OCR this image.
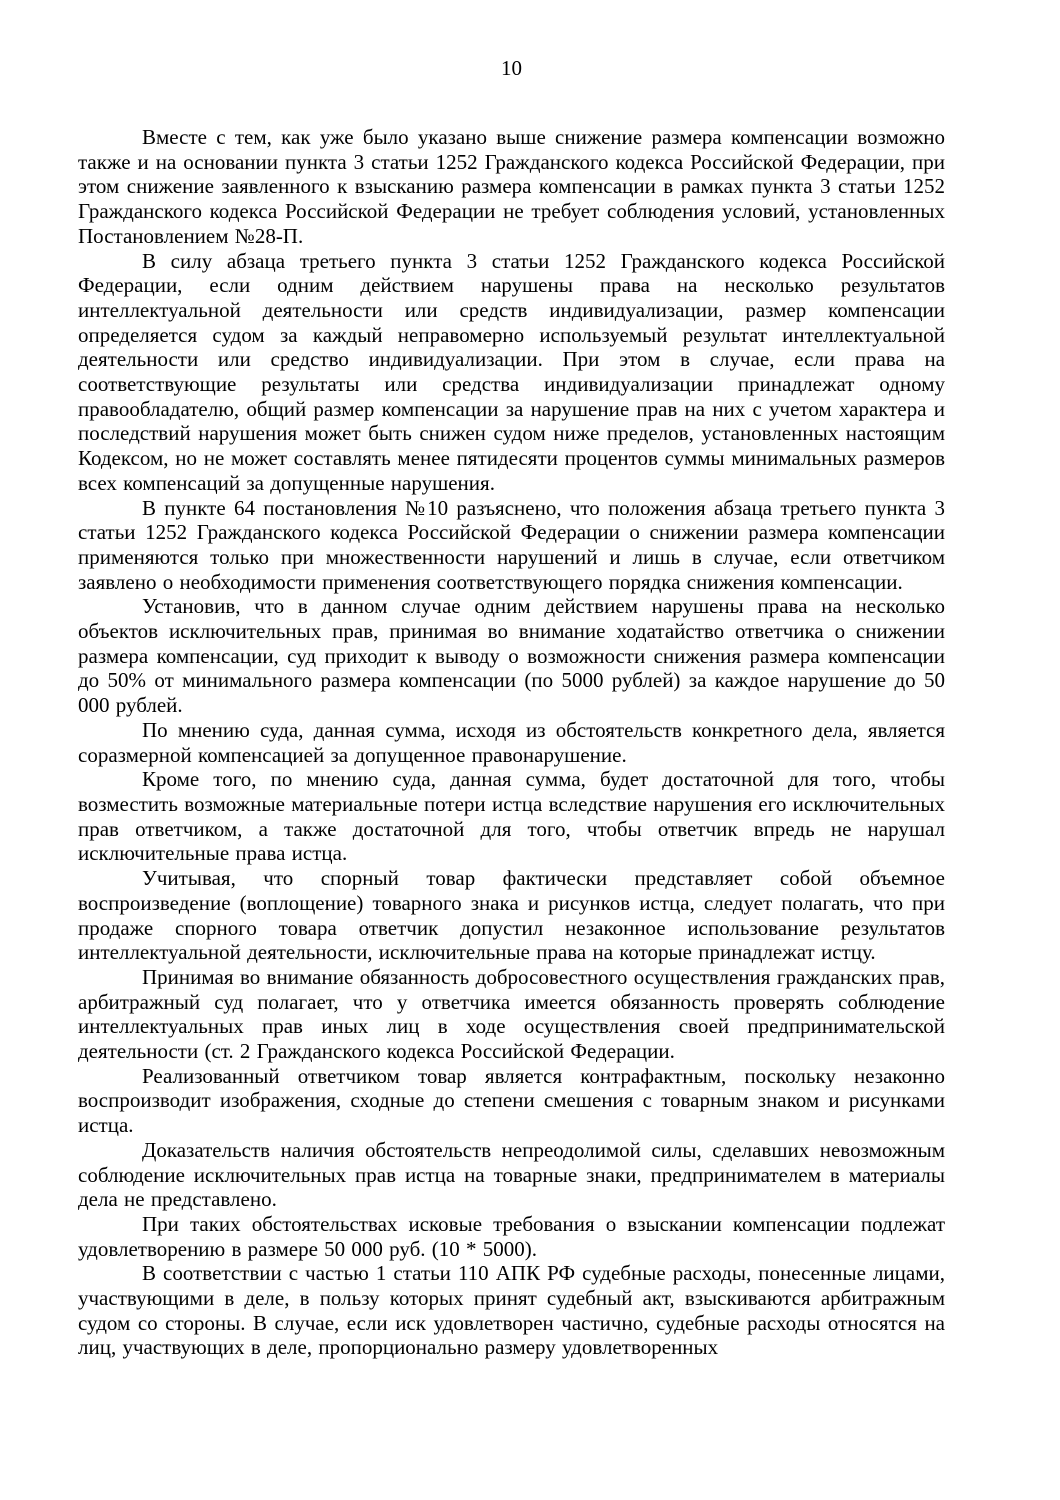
10

Вместе с тем, как уже было указано выше снижение размера компенсации возможно также и на основании пункта 3 статьи 1252 Гражданского кодекса Российской Федерации, при этом снижение заявленного к взысканию размера компенсации в рамках пункта 3 статьи 1252 Гражданского кодекса Российской Федерации не требует соблюдения условий, установленных Постановлением №28-П.

В силу абзаца третьего пункта 3 статьи 1252 Гражданского кодекса Российской Федерации, если одним действием нарушены права на несколько результатов интеллектуальной деятельности или средств индивидуализации, размер компенсации определяется судом за каждый неправомерно используемый результат интеллектуальной деятельности или средство индивидуализации. При этом в случае, если права на соответствующие результаты или средства индивидуализации принадлежат одному правообладателю, общий размер компенсации за нарушение прав на них с учетом характера и последствий нарушения может быть снижен судом ниже пределов, установленных настоящим Кодексом, но не может составлять менее пятидесяти процентов суммы минимальных размеров всех компенсаций за допущенные нарушения.

В пункте 64 постановления №10 разъяснено, что положения абзаца третьего пункта 3 статьи 1252 Гражданского кодекса Российской Федерации о снижении размера компенсации применяются только при множественности нарушений и лишь в случае, если ответчиком заявлено о необходимости применения соответствующего порядка снижения компенсации.

Установив, что в данном случае одним действием нарушены права на несколько объектов исключительных прав, принимая во внимание ходатайство ответчика о снижении размера компенсации, суд приходит к выводу о возможности снижения размера компенсации до 50% от минимального размера компенсации (по 5000 рублей) за каждое нарушение до 50 000 рублей.

По мнению суда, данная сумма, исходя из обстоятельств конкретного дела, является соразмерной компенсацией за допущенное правонарушение.

Кроме того, по мнению суда, данная сумма, будет достаточной для того, чтобы возместить возможные материальные потери истца вследствие нарушения его исключительных прав ответчиком, а также достаточной для того, чтобы ответчик впредь не нарушал исключительные права истца.

Учитывая, что спорный товар фактически представляет собой объемное воспроизведение (воплощение) товарного знака и рисунков истца, следует полагать, что при продаже спорного товара ответчик допустил незаконное использование результатов интеллектуальной деятельности, исключительные права на которые принадлежат истцу.

Принимая во внимание обязанность добросовестного осуществления гражданских прав, арбитражный суд полагает, что у ответчика имеется обязанность проверять соблюдение интеллектуальных прав иных лиц в ходе осуществления своей предпринимательской деятельности (ст. 2 Гражданского кодекса Российской Федерации.

Реализованный ответчиком товар является контрафактным, поскольку незаконно воспроизводит изображения, сходные до степени смешения с товарным знаком и рисунками истца.

Доказательств наличия обстоятельств непреодолимой силы, сделавших невозможным соблюдение исключительных прав истца на товарные знаки, предпринимателем в материалы дела не представлено.

При таких обстоятельствах исковые требования о взыскании компенсации подлежат удовлетворению в размере 50 000 руб. (10 * 5000).

В соответствии с частью 1 статьи 110 АПК РФ судебные расходы, понесенные лицами, участвующими в деле, в пользу которых принят судебный акт, взыскиваются арбитражным судом со стороны. В случае, если иск удовлетворен частично, судебные расходы относятся на лиц, участвующих в деле, пропорционально размеру удовлетворенных
